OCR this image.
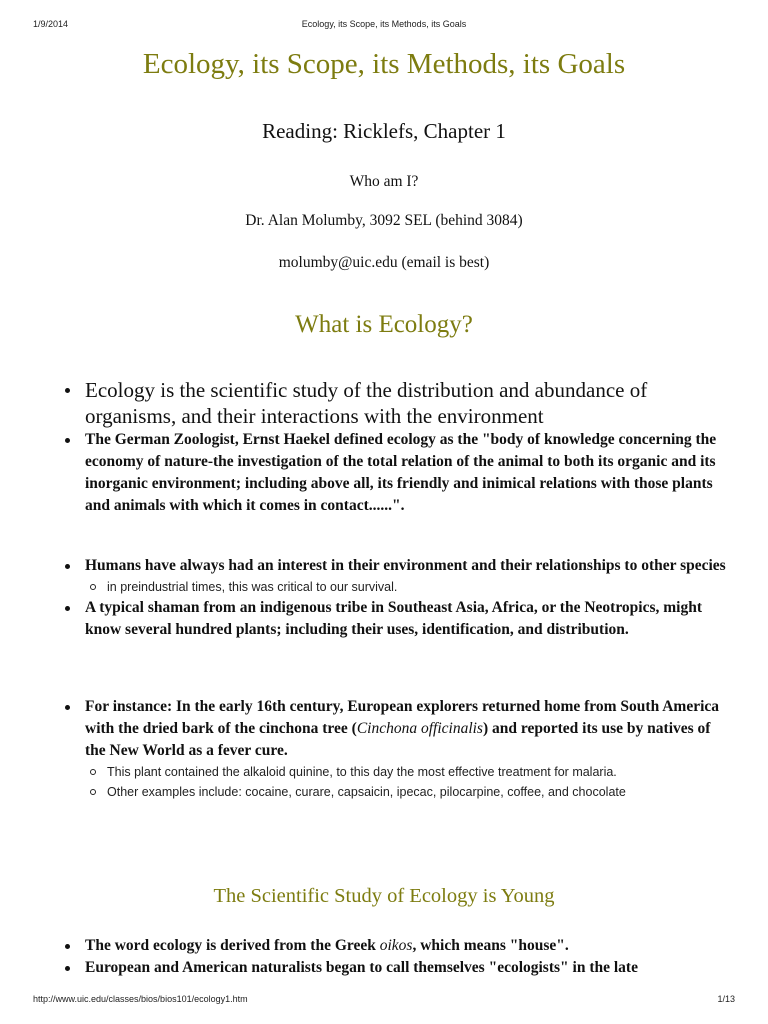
1/9/2014	Ecology, its Scope, its Methods, its Goals
Ecology, its Scope, its Methods, its Goals
Reading: Ricklefs, Chapter 1
Who am I?
Dr. Alan Molumby, 3092 SEL (behind 3084)
molumby@uic.edu (email is best)
What is Ecology?
Ecology is the scientific study of the distribution and abundance of organisms, and their interactions with the environment
The German Zoologist, Ernst Haekel defined ecology as the "body of knowledge concerning the economy of nature-the investigation of the total relation of the animal to both its organic and its inorganic environment; including above all, its friendly and inimical relations with those plants and animals with which it comes in contact......".
Humans have always had an interest in their environment and their relationships to other species
in preindustrial times, this was critical to our survival.
A typical shaman from an indigenous tribe in Southeast Asia, Africa, or the Neotropics, might know several hundred plants; including their uses, identification, and distribution.
For instance: In the early 16th century, European explorers returned home from South America with the dried bark of the cinchona tree (Cinchona officinalis) and reported its use by natives of the New World as a fever cure.
This plant contained the alkaloid quinine, to this day the most effective treatment for malaria.
Other examples include: cocaine, curare, capsaicin, ipecac, pilocarpine, coffee, and chocolate
The Scientific Study of Ecology is Young
The word ecology is derived from the Greek oikos, which means "house".
European and American naturalists began to call themselves "ecologists" in the late
http://www.uic.edu/classes/bios/bios101/ecology1.htm	1/13
